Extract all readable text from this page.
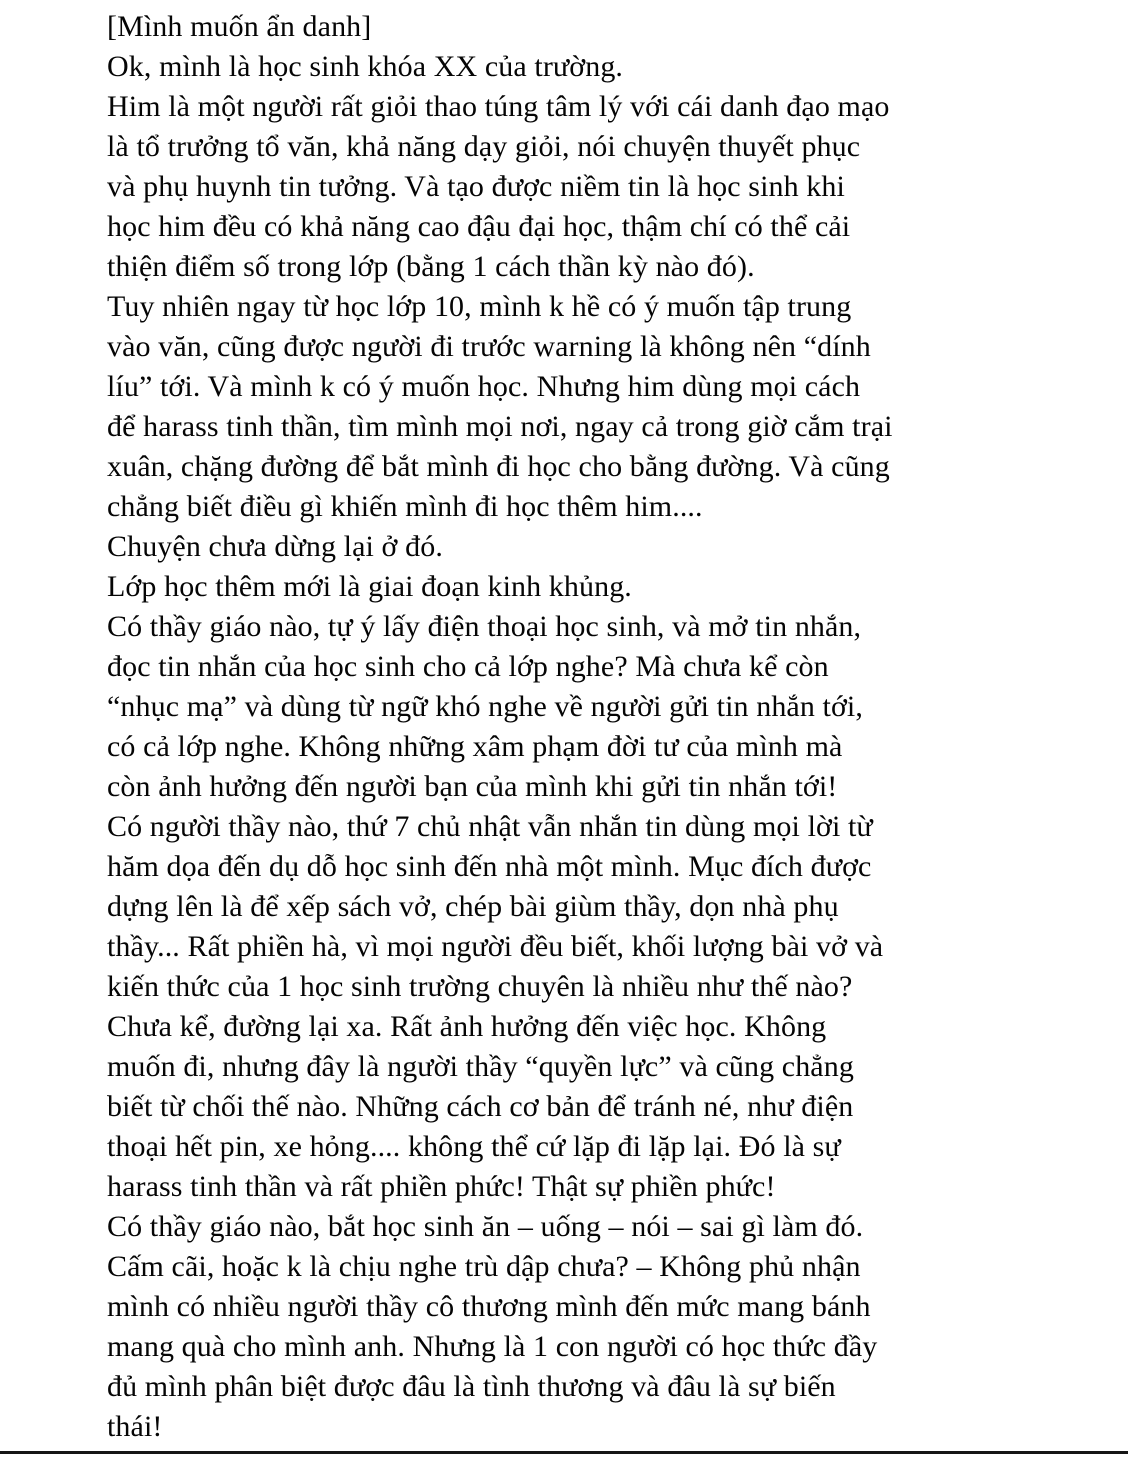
[Mình muốn ẩn danh]
Ok, mình là học sinh khóa XX của trường.
Him là một người rất giỏi thao túng tâm lý với cái danh đạo mạo
là tổ trưởng tổ văn, khả năng dạy giỏi, nói chuyện thuyết phục
và phụ huynh tin tưởng. Và tạo được niềm tin là học sinh khi
học him đều có khả năng cao đậu đại học, thậm chí có thể cải
thiện điểm số trong lớp (bằng 1 cách thần kỳ nào đó).
Tuy nhiên ngay từ học lớp 10, mình k hề có ý muốn tập trung
vào văn, cũng được người đi trước warning là không nên “dính
líu” tới. Và mình k có ý muốn học. Nhưng him dùng mọi cách
để harass tinh thần, tìm mình mọi nơi, ngay cả trong giờ cắm trại
xuân, chặng đường để bắt mình đi học cho bằng đường. Và cũng
chẳng biết điều gì khiến mình đi học thêm him....
Chuyện chưa dừng lại ở đó.
Lớp học thêm mới là giai đoạn kinh khủng.
Có thầy giáo nào, tự ý lấy điện thoại học sinh, và mở tin nhắn,
đọc tin nhắn của học sinh cho cả lớp nghe? Mà chưa kể còn
“nhục mạ” và dùng từ ngữ khó nghe về người gửi tin nhắn tới,
có cả lớp nghe. Không những xâm phạm đời tư của mình mà
còn ảnh hưởng đến người bạn của mình khi gửi tin nhắn tới!
Có người thầy nào, thứ 7 chủ nhật vẫn nhắn tin dùng mọi lời từ
hăm dọa đến dụ dỗ học sinh đến nhà một mình. Mục đích được
dựng lên là để xếp sách vở, chép bài giùm thầy, dọn nhà phụ
thầy... Rất phiền hà, vì mọi người đều biết, khối lượng bài vở và
kiến thức của 1 học sinh trường chuyên là nhiều như thế nào?
Chưa kể, đường lại xa. Rất ảnh hưởng đến việc học. Không
muốn đi, nhưng đây là người thầy “quyền lực” và cũng chẳng
biết từ chối thế nào. Những cách cơ bản để tránh né, như điện
thoại hết pin, xe hỏng.... không thể cứ lặp đi lặp lại. Đó là sự
harass tinh thần và rất phiền phức! Thật sự phiền phức!
Có thầy giáo nào, bắt học sinh ăn – uống – nói – sai gì làm đó.
Cấm cãi, hoặc k là chịu nghe trù dập chưa? – Không phủ nhận
mình có nhiều người thầy cô thương mình đến mức mang bánh
mang quà cho mình anh. Nhưng là 1 con người có học thức đầy
đủ mình phân biệt được đâu là tình thương và đâu là sự biến
thái!
